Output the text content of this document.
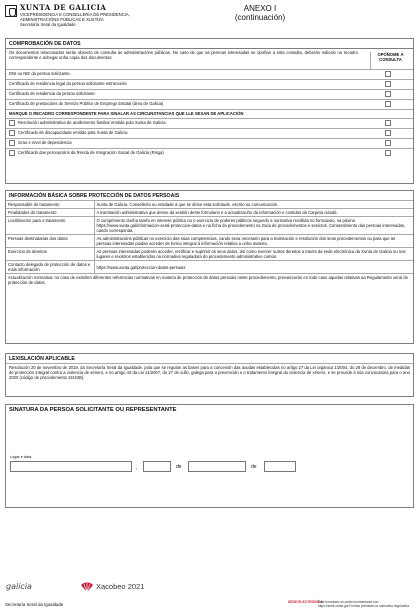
XUNTA DE GALICIA
VICEPRESIDENCIA E CONSELLERÍA DE PRESIDENCIA,
ADMINISTRACIÓNS PÚBLICAS E XUSTIZA
Secretaría Xeral da Igualdade
ANEXO I
(continuación)
COMPROBACIÓN DE DATOS
Os documentos relacionados serán obxecto de consulta ás administracións públicas. No caso de que as persoas interesadas se opoñan a esta consulta, deberán indicalo no recadro correspondente e achegar unha copia dos documentos.
OPÓÑOME Á CONSULTA
DNI ou NIE da persoa solicitante.
Certificado de residencia legal da persoa solicitante estranxeira
Certificado de residencia da persoa solicitante
Certificado de prestacións do Servizo Público de Emprego Estatal (área de Galicia)
MARQUE O RECADRO CORRESPONDENTE PARA SINALAR AS CIRCUNSTANCIAS QUE LLE SEXAN DE APLICACIÓN
Resolución administrativa de acollemento familiar emitida pola Xunta de Galicia
Certificado de discapacidade emitido pola Xunta de Galicia
Grao e nivel de dependencia
Certificado das percepcións da Renda de Integración Social de Galicia (Risga)
INFORMACIÓN BÁSICA SOBRE PROTECCIÓN DE DATOS PERSOAIS
Responsable do tratamento	Xunta de Galicia. Consellería ou entidade á que se dirixe esta solicitude, escrito ou comunicación.
Finalidades do tratamento	A tramitación administrativa que derive da xestión deste formulario e a actualización da información e contidos da Carpeta cidadá.
Lexitimación para o tratamento	O cumprimento dunha tarefa en interese público ou o exercicio de poderes públicos segundo a normativa recollida no formulario, na páxina https://www.xunta.gal/informacion-xeral-proteccion-datos e na ficha do procedemento na Guía de procedementos e servizos. Consentimento das persoas interesadas, cando corresponda.
Persoas destinatarias dos datos	As administracións públicas no exercicio das súas competencias, cando sexa necesario para a tramitación e resolución dos seus procedementos ou para que as persoas interesadas poidan acceder de forma integral á información relativa a unha materia.
Exercicio de dereitos	As persoas interesadas poderán acceder, rectificar e suprimir os seus datos, así como exercer outros dereitos a través da sede electrónica da Xunta de Galicia ou nos lugares e rexistros establecidos na normativa reguladora do procedemento administrativo común.
Contacto delegado de protección de datos e máis información	https://www.xunta.gal/proteccion-datos-persoais
Actualización normativa: no caso de existiren diferentes referencias normativas en materia de protección de datos persoais neste procedemento, prevalecerán en todo caso aquelas relativas ao Regulamento xeral de protección de datos.	
LEXISLACIÓN APLICABLE
Resolución 20 de novembro de 2019, da Secretaría Xeral da Igualdade, pola que se regulan as bases para a concesión das axudas establecidas no artigo 27 da Lei orgánica 1/2004, do 28 de decembro, de medidas de protección integral contra a violencia de xénero, e no artigo 43 da Lei 11/2007, do 27 de xullo, galega para a prevención e o tratamento integral da violencia de xénero, e se procede á súa convocatoria para o ano 2020 (código de procedemento SI434B).
SINATURA DA PERSOA SOLICITANTE OU REPRESENTANTE
Lugar e data
,	de	de
galicia	Xacobeo 2021
Secretaría Xeral da Igualdade	SEDE ELECTRÓNICA
Este formulario só poderá presentarse nun
https://sede.xunta.gal Formas previstas na normativa reguladora
